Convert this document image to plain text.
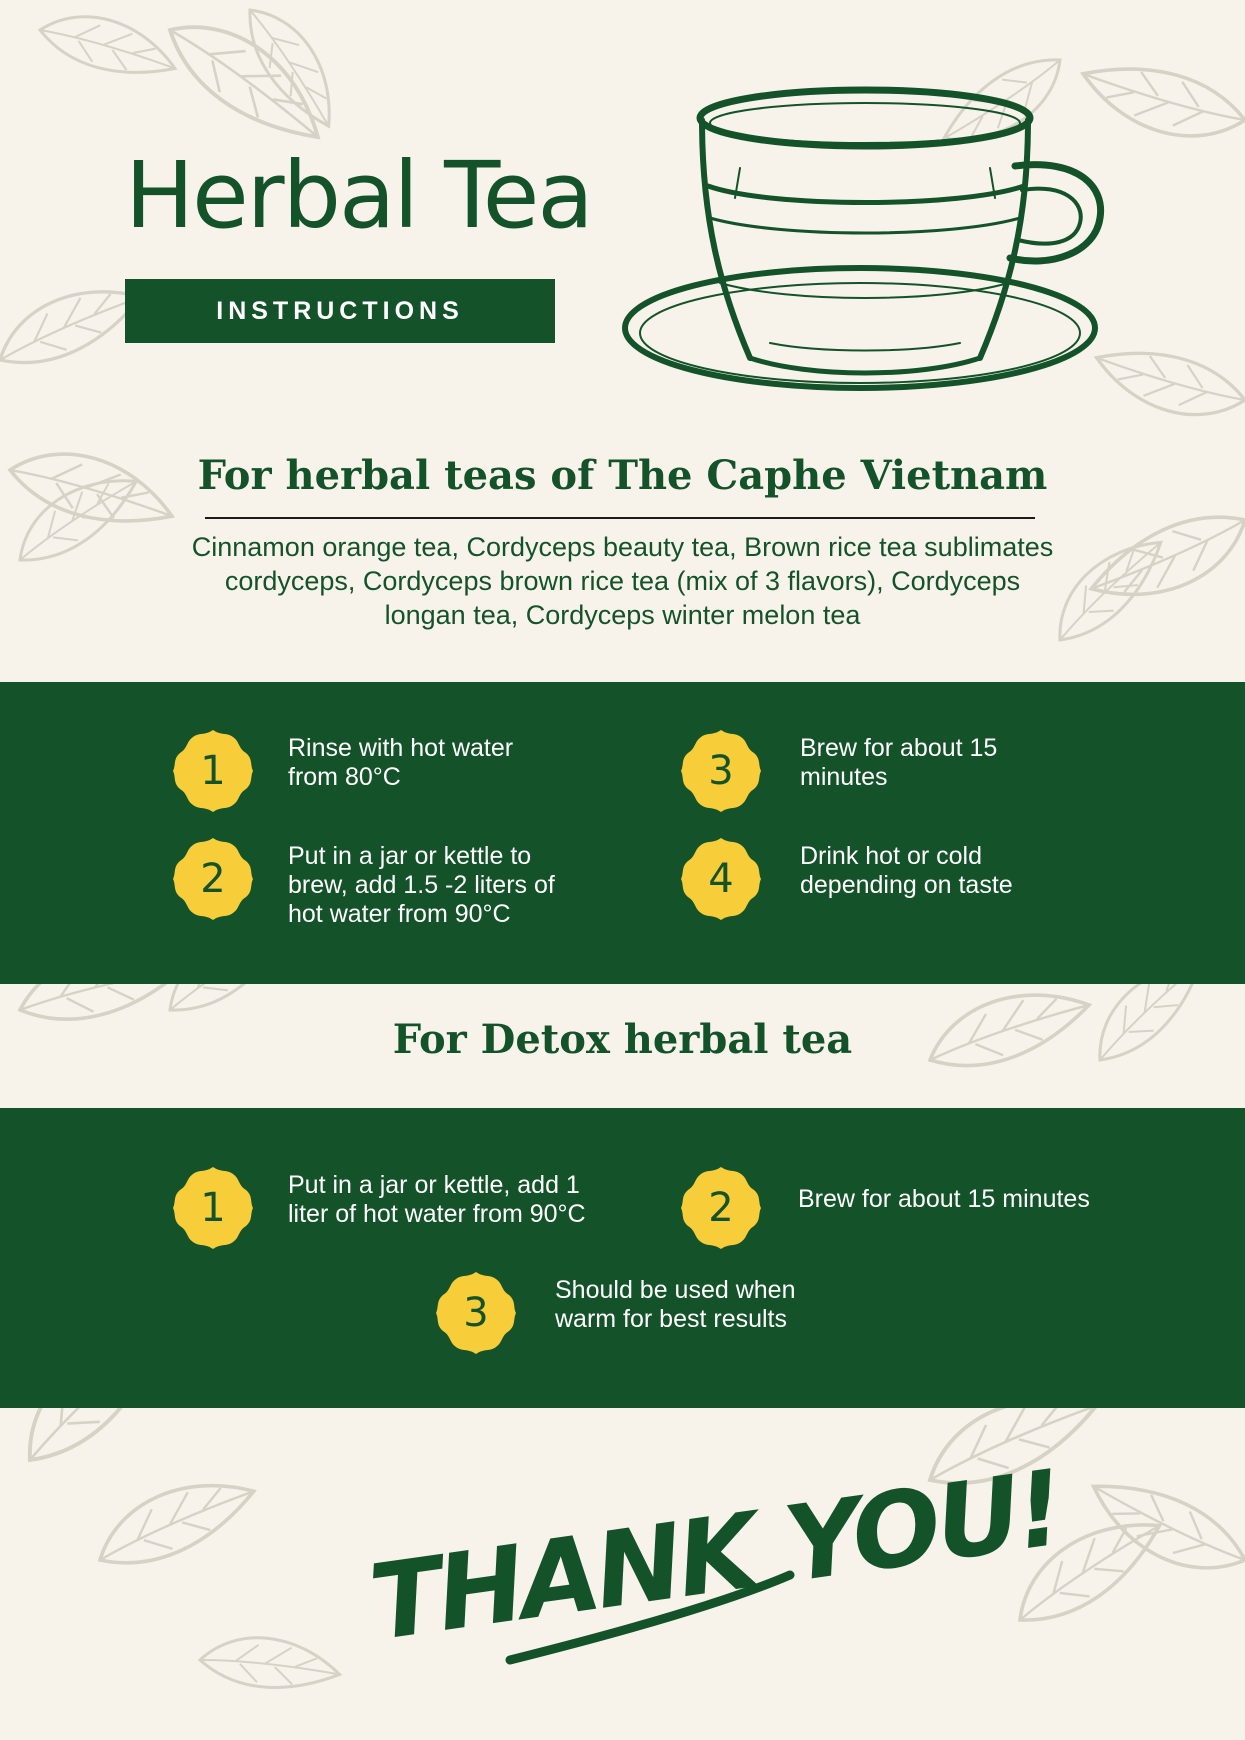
Herbal Tea
INSTRUCTIONS
For herbal teas of The Caphe Vietnam
Cinnamon orange tea, Cordyceps beauty tea, Brown rice tea sublimates cordyceps, Cordyceps brown rice tea (mix of 3 flavors), Cordyceps longan tea, Cordyceps winter melon tea
1	Rinse with hot water
from 80°C
2	Put in a jar or kettle to
brew, add 1.5 -2 liters of
hot water from 90°C
3	Brew for about 15
minutes
4	Drink hot or cold
depending on taste
For Detox herbal tea
1	Put in a jar or kettle, add 1
liter of hot water from 90°C	2	Brew for about 15 minutes
3	Should be used when
warm for best results
THANK YOU!
